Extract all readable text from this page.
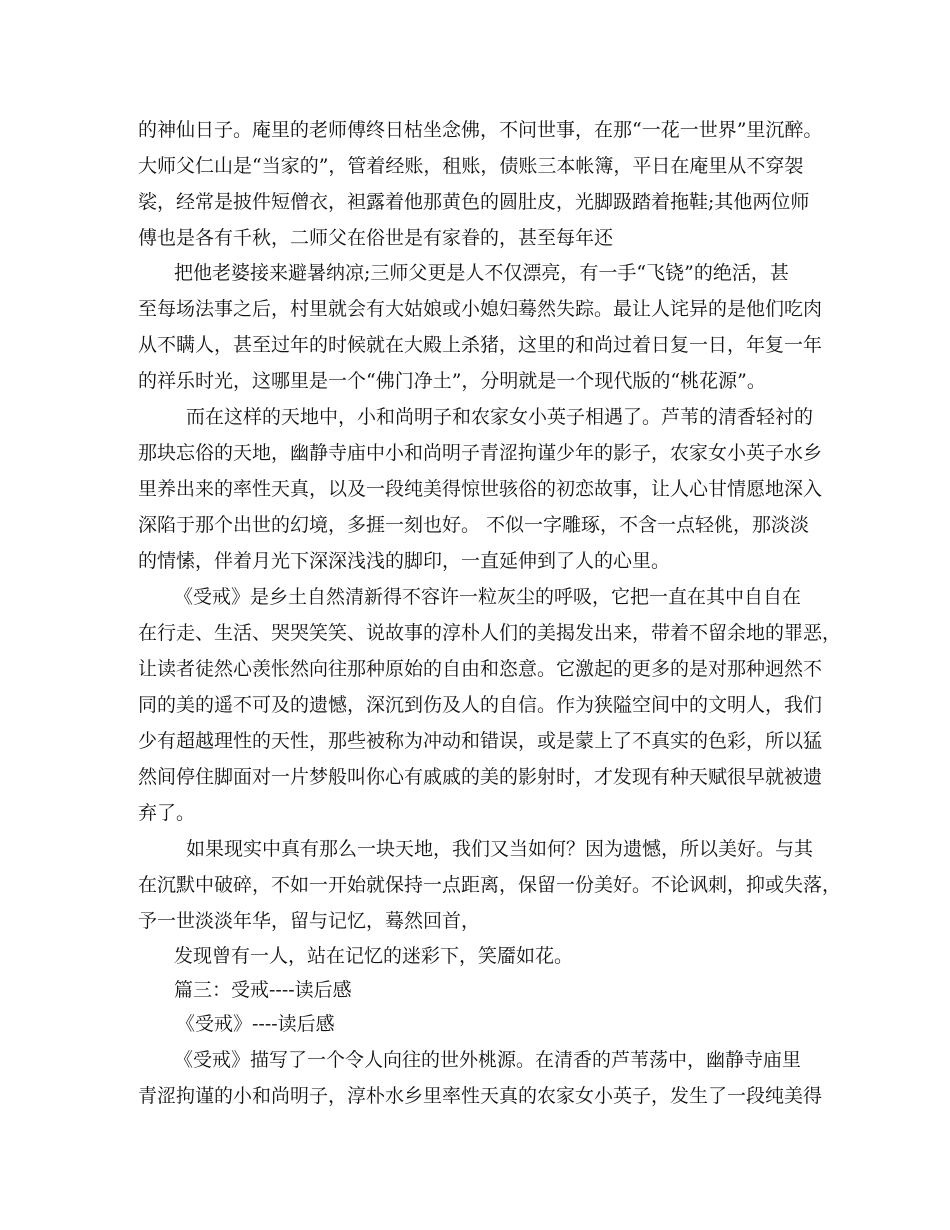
的神仙日子。庵里的老师傅终日枯坐念佛，不问世事，在那“一花一世界”里沉醉。
大师父仁山是“当家的”，管着经账，租账，债账三本帐簿，平日在庵里从不穿袈
裟，经常是披件短僧衣，袒露着他那黄色的圆肚皮，光脚趿踏着拖鞋;其他两位师
傅也是各有千秋，二师父在俗世是有家眷的，甚至每年还
把他老婆接来避暑纳凉;三师父更是人不仅漂亮，有一手“飞铙”的绝活，甚
至每场法事之后，村里就会有大姑娘或小媳妇蓦然失踪。最让人诧异的是他们吃肉
从不瞒人，甚至过年的时候就在大殿上杀猪，这里的和尚过着日复一日，年复一年
的祥乐时光，这哪里是一个“佛门净土”，分明就是一个现代版的“桃花源”。
而在这样的天地中，小和尚明子和农家女小英子相遇了。芦苇的清香轻衬的
那块忘俗的天地，幽静寺庙中小和尚明子青涩拘谨少年的影子，农家女小英子水乡
里养出来的率性天真，以及一段纯美得惊世骇俗的初恋故事，让人心甘情愿地深入
深陷于那个出世的幻境，多捱一刻也好。 不似一字雕琢，不含一点轻佻，那淡淡
的情愫，伴着月光下深深浅浅的脚印，一直延伸到了人的心里。
《受戒》是乡土自然清新得不容许一粒灰尘的呼吸，它把一直在其中自自在
在行走、生活、哭哭笑笑、说故事的淳朴人们的美揭发出来，带着不留余地的罪恶，
让读者徒然心羡怅然向往那种原始的自由和恣意。它激起的更多的是对那种迥然不
同的美的遥不可及的遗憾，深沉到伤及人的自信。作为狭隘空间中的文明人，我们
少有超越理性的天性，那些被称为冲动和错误，或是蒙上了不真实的色彩，所以猛
然间停住脚面对一片梦般叫你心有戚戚的美的影射时，才发现有种天赋很早就被遗
弃了。
如果现实中真有那么一块天地，我们又当如何？因为遗憾，所以美好。与其
在沉默中破碎，不如一开始就保持一点距离，保留一份美好。不论讽刺，抑或失落，
予一世淡淡年华，留与记忆，蓦然回首，
发现曾有一人，站在记忆的迷彩下，笑靥如花。
篇三：受戒----读后感
《受戒》----读后感
《受戒》描写了一个令人向往的世外桃源。在清香的芦苇荡中，幽静寺庙里
青涩拘谨的小和尚明子，淳朴水乡里率性天真的农家女小英子，发生了一段纯美得
